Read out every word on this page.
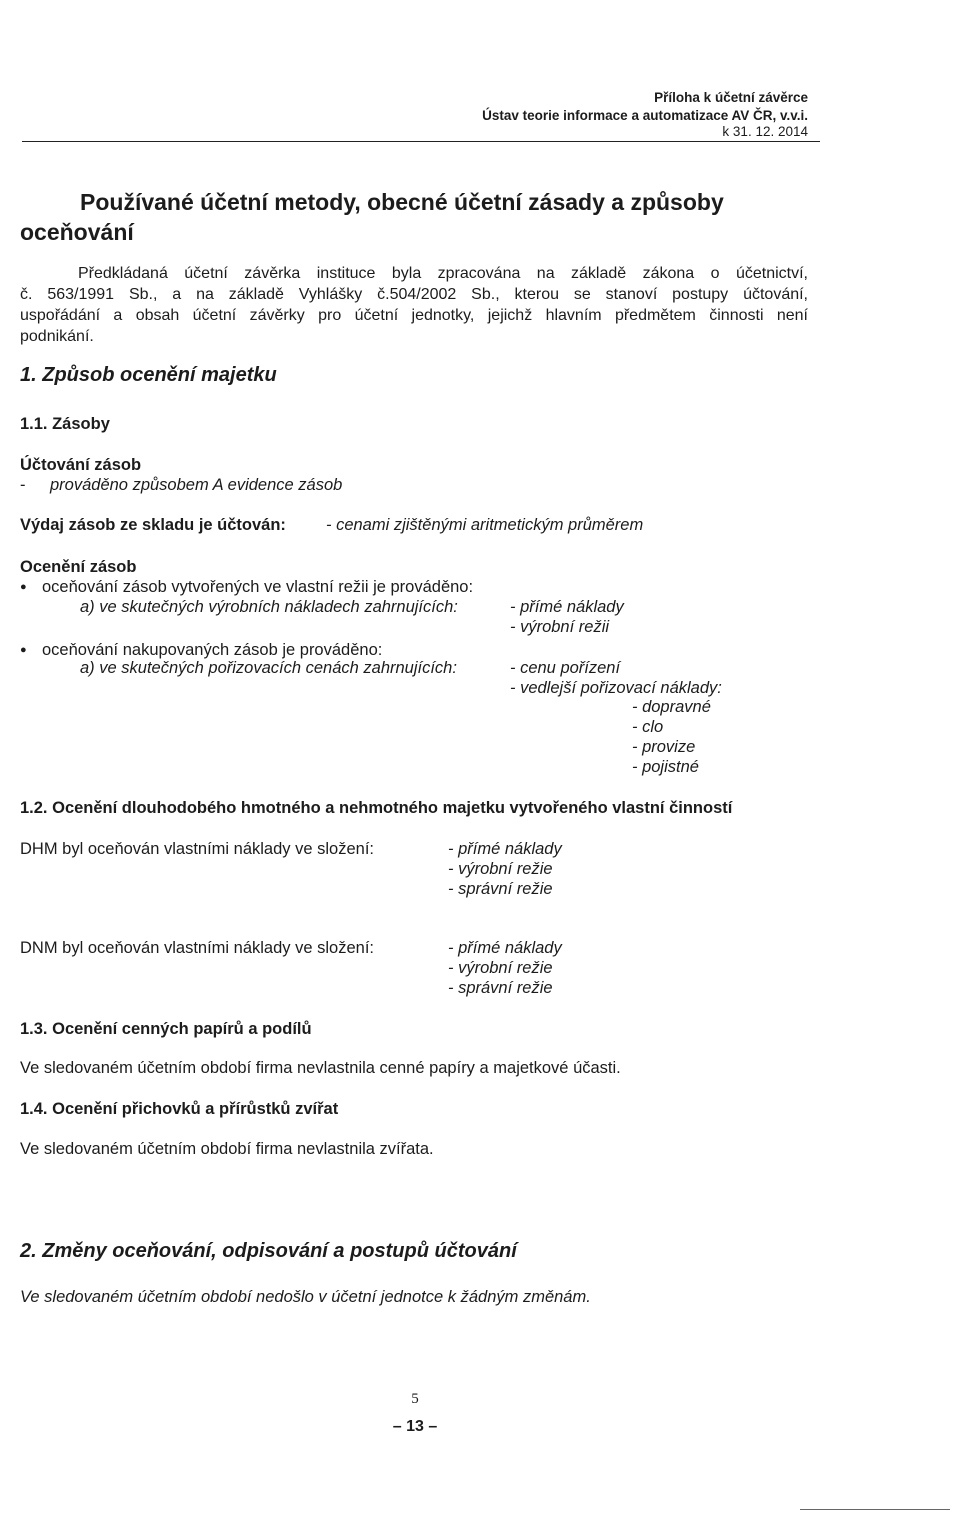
Příloha k účetní závěrce
Ústav teorie informace a automatizace AV ČR, v.v.i.
k 31. 12. 2014
Používané účetní metody, obecné účetní zásady a způsoby
oceňování

Předkládaná účetní závěrka instituce byla zpracována na základě zákona o účetnictví,

č. 563/1991 Sb., a na základě Vyhlášky č.504/2002 Sb., kterou se stanoví postupy účtování,

uspořádání a obsah účetní závěrky pro účetní jednotky, jejichž hlavním předmětem činnosti není

podnikání.

1. Způsob ocenění majetku
1.1. Zásoby
Účtování zásob
- prováděno způsobem A evidence zásob
Výdaj zásob ze skladu je účtován: - cenami zjištěnými aritmetickým průměrem
Ocenění zásob
● oceňování zásob vytvořených ve vlastní režii je prováděno:
a) ve skutečných výrobních nákladech zahrnujících:	- přímé náklady
- výrobní režii
● oceňování nakupovaných zásob je prováděno:
a) ve skutečných pořizovacích cenách zahrnujících:	- cenu pořízení
- vedlejší pořizovací náklady:
- dopravné
- clo
- provize
- pojistné
1.2. Ocenění dlouhodobého hmotného a nehmotného majetku vytvořeného vlastní činností
DHM byl oceňován vlastními náklady ve složení:	- přímé náklady
- výrobní režie
- správní režie
DNM byl oceňován vlastními náklady ve složení:	- přímé náklady
- výrobní režie
- správní režie
1.3. Ocenění cenných papírů a podílů
Ve sledovaném účetním období firma nevlastnila cenné papíry a majetkové účasti.
1.4. Ocenění přichovků a přírůstků zvířat
Ve sledovaném účetním období firma nevlastnila zvířata.
2. Změny oceňování, odpisování a postupů účtování
Ve sledovaném účetním období nedošlo v účetní jednotce k žádným změnám.
5
– 13 –
